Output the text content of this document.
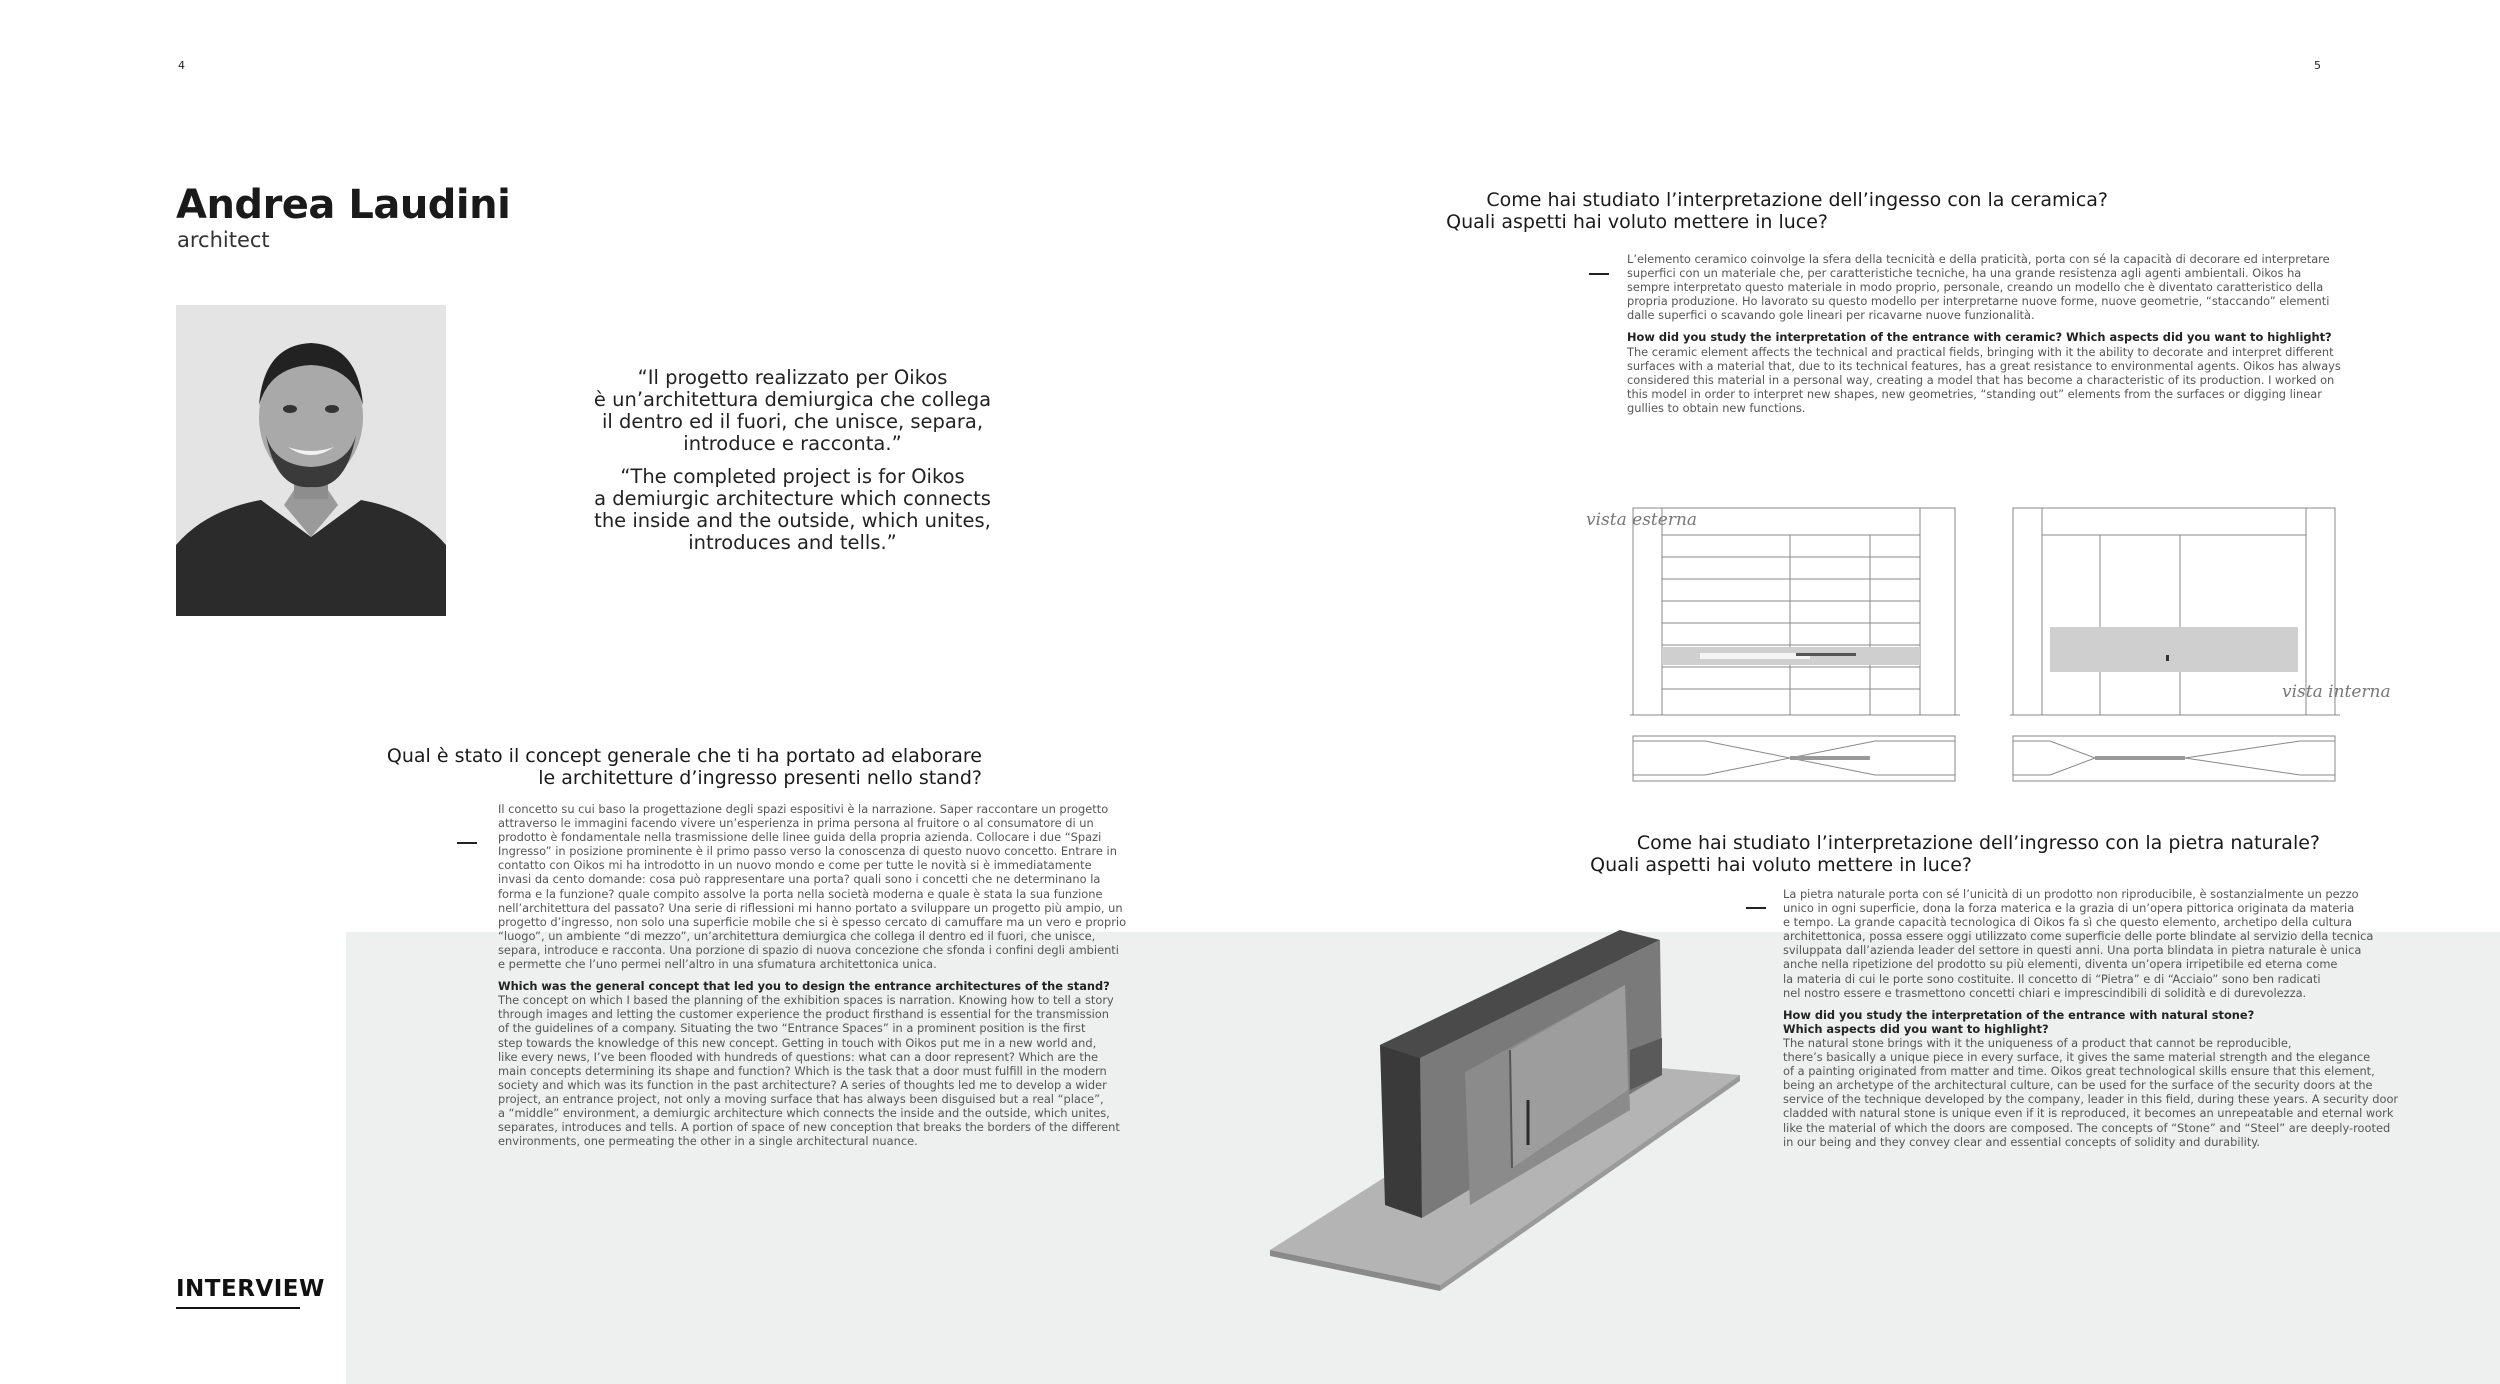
4	5
Andrea Laudini
architect
“Il progetto realizzato per Oikos
è un’architettura demiurgica che collega
il dentro ed il fuori, che unisce, separa,
introduce e racconta.”
“The completed project is for Oikos
a demiurgic architecture which connects
the inside and the outside, which unites,
introduces and tells.”
Qual è stato il concept generale che ti ha portato ad elaborare
le architetture d’ingresso presenti nello stand?

Il concetto su cui baso la progettazione degli spazi espositivi è la narrazione. Saper raccontare un progetto

attraverso le immagini facendo vivere un’esperienza in prima persona al fruitore o al consumatore di un

prodotto è fondamentale nella trasmissione delle linee guida della propria azienda. Collocare i due “Spazi

Ingresso” in posizione prominente è il primo passo verso la conoscenza di questo nuovo concetto. Entrare in

contatto con Oikos mi ha introdotto in un nuovo mondo e come per tutte le novità si è immediatamente

invasi da cento domande: cosa può rappresentare una porta? quali sono i concetti che ne determinano la

forma e la funzione? quale compito assolve la porta nella società moderna e quale è stata la sua funzione

nell’architettura del passato? Una serie di riflessioni mi hanno portato a sviluppare un progetto più ampio, un

progetto d’ingresso, non solo una superficie mobile che si è spesso cercato di camuffare ma un vero e proprio

“luogo”, un ambiente “di mezzo”, un’architettura demiurgica che collega il dentro ed il fuori, che unisce,

separa, introduce e racconta. Una porzione di spazio di nuova concezione che sfonda i confini degli ambienti

e permette che l’uno permei nell’altro in una sfumatura architettonica unica.

Which was the general concept that led you to design the entrance architectures of the stand?

The concept on which I based the planning of the exhibition spaces is narration. Knowing how to tell a story

through images and letting the customer experience the product firsthand is essential for the transmission

of the guidelines of a company. Situating the two “Entrance Spaces” in a prominent position is the first

step towards the knowledge of this new concept. Getting in touch with Oikos put me in a new world and,

like every news, I’ve been flooded with hundreds of questions: what can a door represent? Which are the

main concepts determining its shape and function? Which is the task that a door must fulfill in the modern

society and which was its function in the past architecture? A series of thoughts led me to develop a wider

project, an entrance project, not only a moving surface that has always been disguised but a real “place”,

a “middle” environment, a demiurgic architecture which connects the inside and the outside, which unites,

separates, introduces and tells. A portion of space of new conception that breaks the borders of the different

environments, one permeating the other in a single architectural nuance.

Come hai studiato l’interpretazione dell’ingesso con la ceramica?
Quali aspetti hai voluto mettere in luce?

L’elemento ceramico coinvolge la sfera della tecnicità e della praticità, porta con sé la capacità di decorare ed interpretare

superfici con un materiale che, per caratteristiche tecniche, ha una grande resistenza agli agenti ambientali. Oikos ha

sempre interpretato questo materiale in modo proprio, personale, creando un modello che è diventato caratteristico della

propria produzione. Ho lavorato su questo modello per interpretarne nuove forme, nuove geometrie, “staccando” elementi

dalle superfici o scavando gole lineari per ricavarne nuove funzionalità.

How did you study the interpretation of the entrance with ceramic? Which aspects did you want to highlight?

The ceramic element affects the technical and practical fields, bringing with it the ability to decorate and interpret different

surfaces with a material that, due to its technical features, has a great resistance to environmental agents. Oikos has always

considered this material in a personal way, creating a model that has become a characteristic of its production. I worked on

this model in order to interpret new shapes, new geometries, “standing out” elements from the surfaces or digging linear

gullies to obtain new functions.

vista esterna
vista interna
Come hai studiato l’interpretazione dell’ingresso con la pietra naturale?
Quali aspetti hai voluto mettere in luce?

La pietra naturale porta con sé l’unicità di un prodotto non riproducibile, è sostanzialmente un pezzo

unico in ogni superficie, dona la forza materica e la grazia di un’opera pittorica originata da materia

e tempo. La grande capacità tecnologica di Oikos fa sì che questo elemento, archetipo della cultura

architettonica, possa essere oggi utilizzato come superficie delle porte blindate al servizio della tecnica

sviluppata dall’azienda leader del settore in questi anni. Una porta blindata in pietra naturale è unica

anche nella ripetizione del prodotto su più elementi, diventa un’opera irripetibile ed eterna come

la materia di cui le porte sono costituite. Il concetto di “Pietra” e di “Acciaio” sono ben radicati

nel nostro essere e trasmettono concetti chiari e imprescindibili di solidità e di durevolezza.

How did you study the interpretation of the entrance with natural stone?

Which aspects did you want to highlight?

The natural stone brings with it the uniqueness of a product that cannot be reproducible,

there’s basically a unique piece in every surface, it gives the same material strength and the elegance

of a painting originated from matter and time. Oikos great technological skills ensure that this element,

being an archetype of the architectural culture, can be used for the surface of the security doors at the

service of the technique developed by the company, leader in this field, during these years. A security door

cladded with natural stone is unique even if it is reproduced, it becomes an unrepeatable and eternal work

like the material of which the doors are composed. The concepts of “Stone” and “Steel” are deeply-rooted

in our being and they convey clear and essential concepts of solidity and durability.

INTERVIEW
